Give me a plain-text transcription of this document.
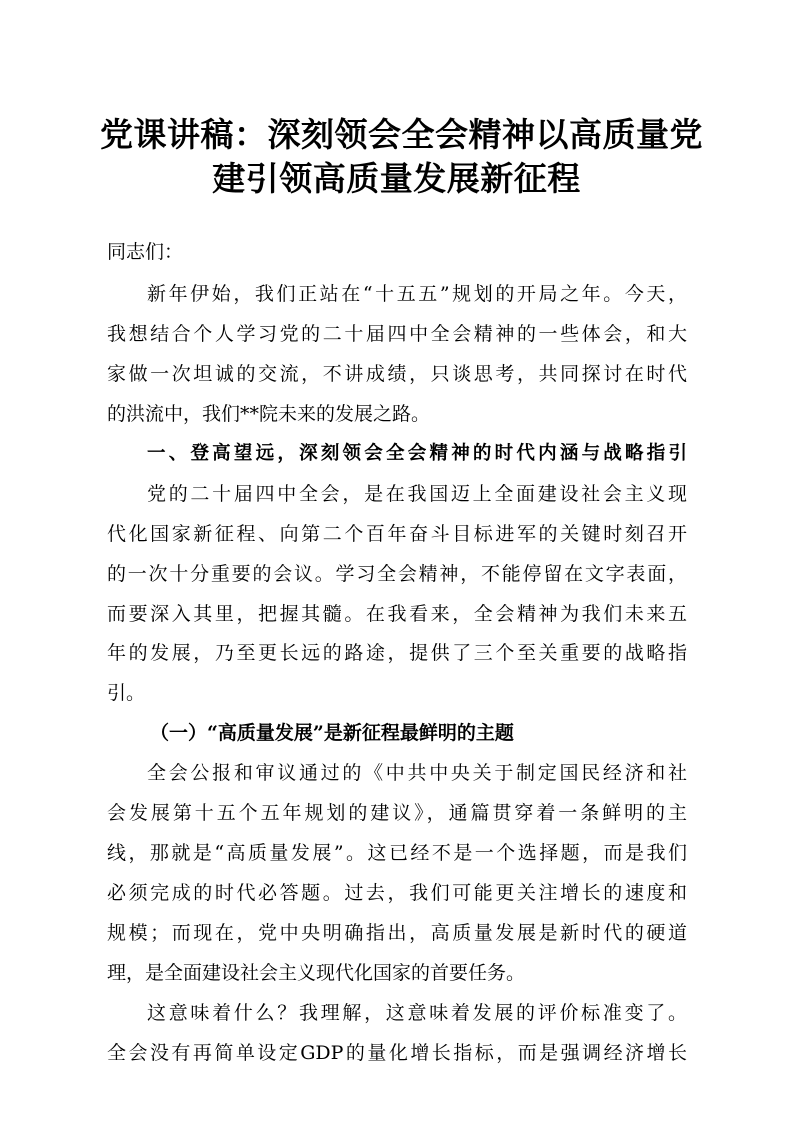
党课讲稿：深刻领会全会精神以高质量党
建引领高质量发展新征程
同志们：
新年伊始，我们正站在“十五五”规划的开局之年。今天，
我想结合个人学习党的二十届四中全会精神的一些体会，和大
家做一次坦诚的交流，不讲成绩，只谈思考，共同探讨在时代
的洪流中，我们**院未来的发展之路。
一、登高望远，深刻领会全会精神的时代内涵与战略指引
党的二十届四中全会，是在我国迈上全面建设社会主义现
代化国家新征程、向第二个百年奋斗目标进军的关键时刻召开
的一次十分重要的会议。学习全会精神，不能停留在文字表面，
而要深入其里，把握其髓。在我看来，全会精神为我们未来五
年的发展，乃至更长远的路途，提供了三个至关重要的战略指
引。
（一）“高质量发展”是新征程最鲜明的主题
全会公报和审议通过的《中共中央关于制定国民经济和社
会发展第十五个五年规划的建议》，通篇贯穿着一条鲜明的主
线，那就是“高质量发展”。这已经不是一个选择题，而是我们
必须完成的时代必答题。过去，我们可能更关注增长的速度和
规模；而现在，党中央明确指出，高质量发展是新时代的硬道
理，是全面建设社会主义现代化国家的首要任务。
这意味着什么？我理解，这意味着发展的评价标准变了。
全会没有再简单设定GDP的量化增长指标，而是强调经济增长
